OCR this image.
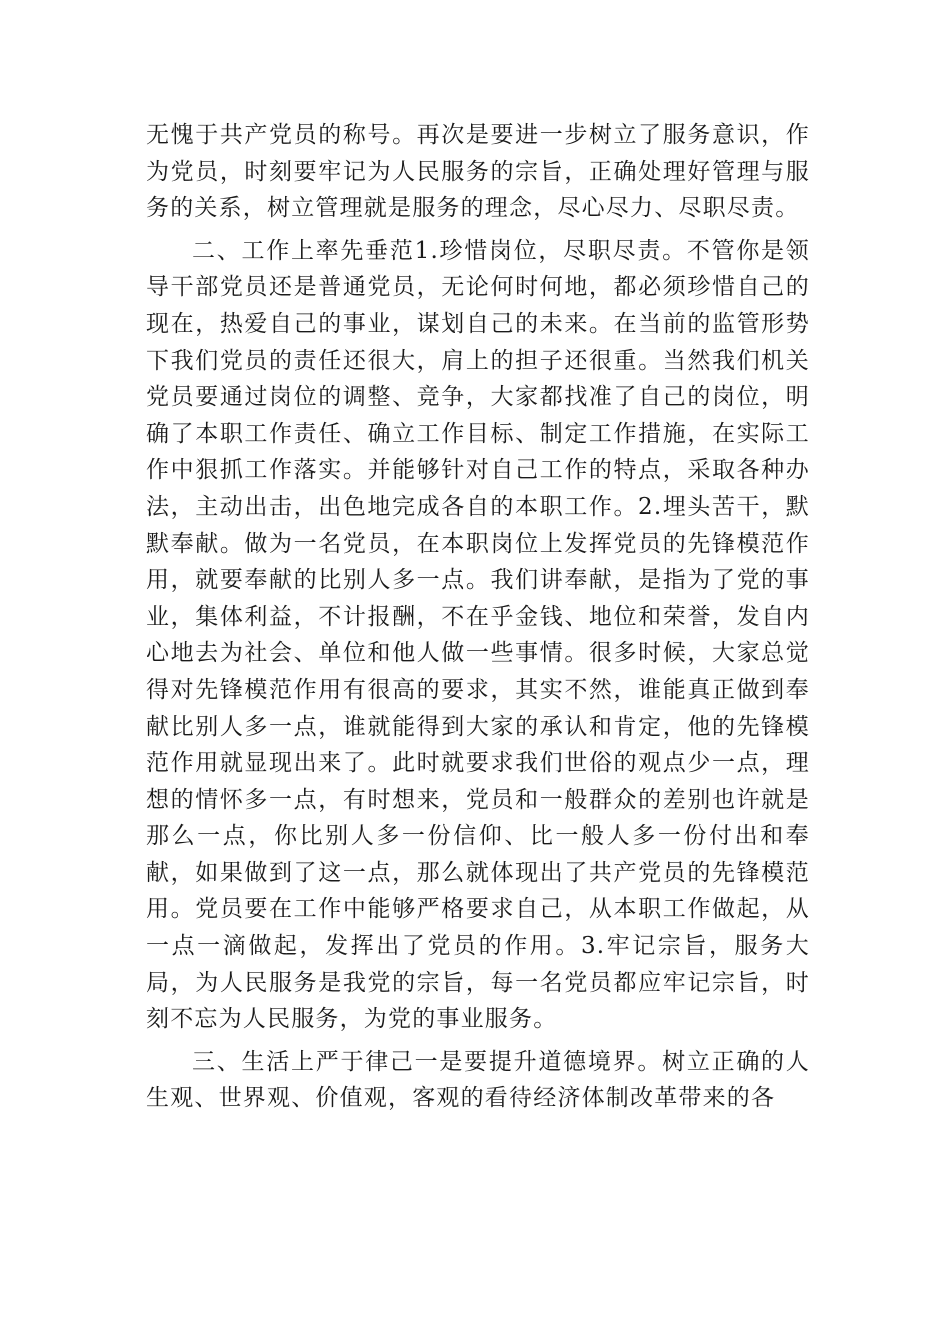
无愧于共产党员的称号。再次是要进一步树立了服务意识，作为党员，时刻要牢记为人民服务的宗旨，正确处理好管理与服务的关系，树立管理就是服务的理念，尽心尽力、尽职尽责。

二、工作上率先垂范1.珍惜岗位，尽职尽责。不管你是领导干部党员还是普通党员，无论何时何地，都必须珍惜自己的现在，热爱自己的事业，谋划自己的未来。在当前的监管形势下我们党员的责任还很大，肩上的担子还很重。当然我们机关党员要通过岗位的调整、竞争，大家都找准了自己的岗位，明确了本职工作责任、确立工作目标、制定工作措施，在实际工作中狠抓工作落实。并能够针对自己工作的特点，采取各种办法，主动出击，出色地完成各自的本职工作。2.埋头苦干，默默奉献。做为一名党员，在本职岗位上发挥党员的先锋模范作用，就要奉献的比别人多一点。我们讲奉献，是指为了党的事业，集体利益，不计报酬，不在乎金钱、地位和荣誉，发自内心地去为社会、单位和他人做一些事情。很多时候，大家总觉得对先锋模范作用有很高的要求，其实不然，谁能真正做到奉献比别人多一点，谁就能得到大家的承认和肯定，他的先锋模范作用就显现出来了。此时就要求我们世俗的观点少一点，理想的情怀多一点，有时想来，党员和一般群众的差别也许就是那么一点，你比别人多一份信仰、比一般人多一份付出和奉献，如果做到了这一点，那么就体现出了共产党员的先锋模范用。党员要在工作中能够严格要求自己，从本职工作做起，从一点一滴做起，发挥出了党员的作用。3.牢记宗旨，服务大局，为人民服务是我党的宗旨，每一名党员都应牢记宗旨，时刻不忘为人民服务，为党的事业服务。

三、生活上严于律己一是要提升道德境界。树立正确的人生观、世界观、价值观，客观的看待经济体制改革带来的各
